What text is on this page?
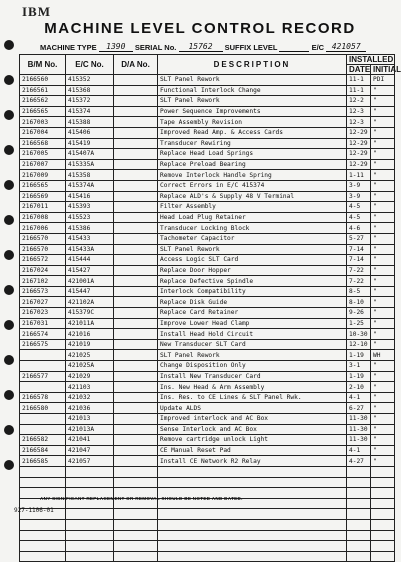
IBM
MACHINE LEVEL CONTROL RECORD
MACHINE TYPE 1390 SERIAL No. 15762 SUFFIX LEVEL	E/C 421057
B/M No.	E/C No.	D/A No.	DESCRIPTION	INSTALLED	
				DATE	INITIAL
2166560	415352		SLT Panel Rework	11-1	PDI
2166561	415368		Functional Interlock Change	11-1	"
2166562	415372		SLT Panel Rework	12-2	"
2166565	415374		Power Sequence Improvements	12-3	"
2167003	415388		Tape Assembly Revision	12-3	"
2167004	415406		Improved Read Amp. & Access Cards	12-29	"
2166568	415419		Transducer Rewiring	12-29	"
2167005	415407A		Replace Head Load Springs	12-29	"
2167007	415335A		Replace Preload Bearing	12-29	"
2167009	415358		Remove Interlock Handle Spring	1-11	"
2166565	415374A		Correct Errors in E/C 415374	3-9	"
2166569	415416		Replace ALD's & Supply 48 V Terminal	3-9	"
2167011	415393		Filter Assembly	4-5	"
2167008	415523		Head Load Plug Retainer	4-5	"
2167006	415386		Transducer Locking Block	4-6	"
2166570	415433		Tachometer Capacitor	5-27	"
2166570	415433A		SLT Panel Rework	7-14	"
2166572	415444		Access Logic SLT Card	7-14	"
2167024	415427		Replace Door Hopper	7-22	"
2167102	421001A		Replace Defective Spindle	7-22	"
2166573	415447		Interlock Compatibility	8-5	"
2167027	421102A		Replace Disk Guide	8-10	"
2167023	415379C		Replace Card Retainer	9-26	"
2167031	421011A		Improve Lower Head Clamp	1-25	"
2166574	421016		Install Head Hold Circuit	10-30	"
2166575	421019		New Transducer SLT Card	12-10	"
	421025		SLT Panel Rework	1-19	WH
	421025A		Change Disposition Only	3-1	"
2166577	421029		Install New Transducer Card	1-19	"
	421103		Ins. New Head & Arm Assembly	2-10	"
2166578	421032		Ins. Res. to CE Lines & SLT Panel Rwk.	4-1	"
2166580	421036		Update ALDS	6-27	"
	421013		Improved interlock and AC Box	11-30	"
	421013A		Sense Interlock and AC Box	11-30	"
2166582	421041		Remove cartridge unlock Light	11-30	"
2166584	421047		CE Manual Reset Pad	4-1	"
2166585	421057		Install CE Network R2 Relay	4-27	"

ANY SIGNIFICANT REPLACEMENT OR REMOVAL SHOULD BE NOTED AND DATED.
927-1106-01
